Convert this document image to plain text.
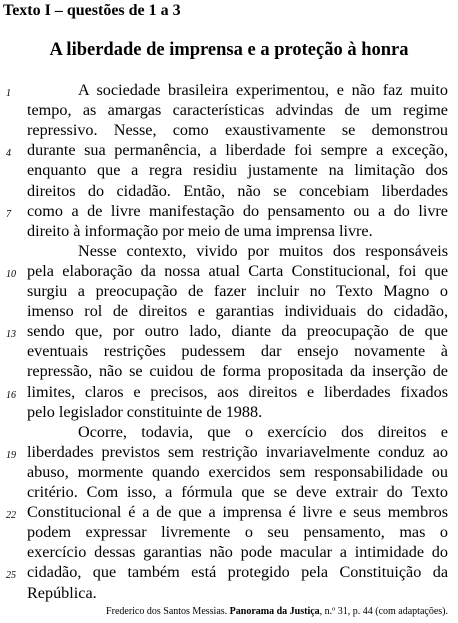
Texto I – questões de 1 a 3
A liberdade de imprensa e a proteção à honra
A sociedade brasileira experimentou, e não faz muito
tempo, as amargas características advindas de um regime
repressivo. Nesse, como exaustivamente se demonstrou
durante sua permanência, a liberdade foi sempre a exceção,
enquanto que a regra residiu justamente na limitação dos
direitos do cidadão. Então, não se concebiam liberdades
como a de livre manifestação do pensamento ou a do livre
direito à informação por meio de uma imprensa livre.
Nesse contexto, vivido por muitos dos responsáveis
pela elaboração da nossa atual Carta Constitucional, foi que
surgiu a preocupação de fazer incluir no Texto Magno o
imenso rol de direitos e garantias individuais do cidadão,
sendo que, por outro lado, diante da preocupação de que
eventuais restrições pudessem dar ensejo novamente à
repressão, não se cuidou de forma propositada da inserção de
limites, claros e precisos, aos direitos e liberdades fixados
pelo legislador constituinte de 1988.
Ocorre, todavia, que o exercício dos direitos e
liberdades previstos sem restrição invariavelmente conduz ao
abuso, mormente quando exercidos sem responsabilidade ou
critério. Com isso, a fórmula que se deve extrair do Texto
Constitucional é a de que a imprensa é livre e seus membros
podem expressar livremente o seu pensamento, mas o
exercício dessas garantias não pode macular a intimidade do
cidadão, que também está protegido pela Constituição da
República.
1
4
7
10
13
16
19
22
25
Frederico dos Santos Messias. Panorama da Justiça, n.º 31, p. 44 (com adaptações).
